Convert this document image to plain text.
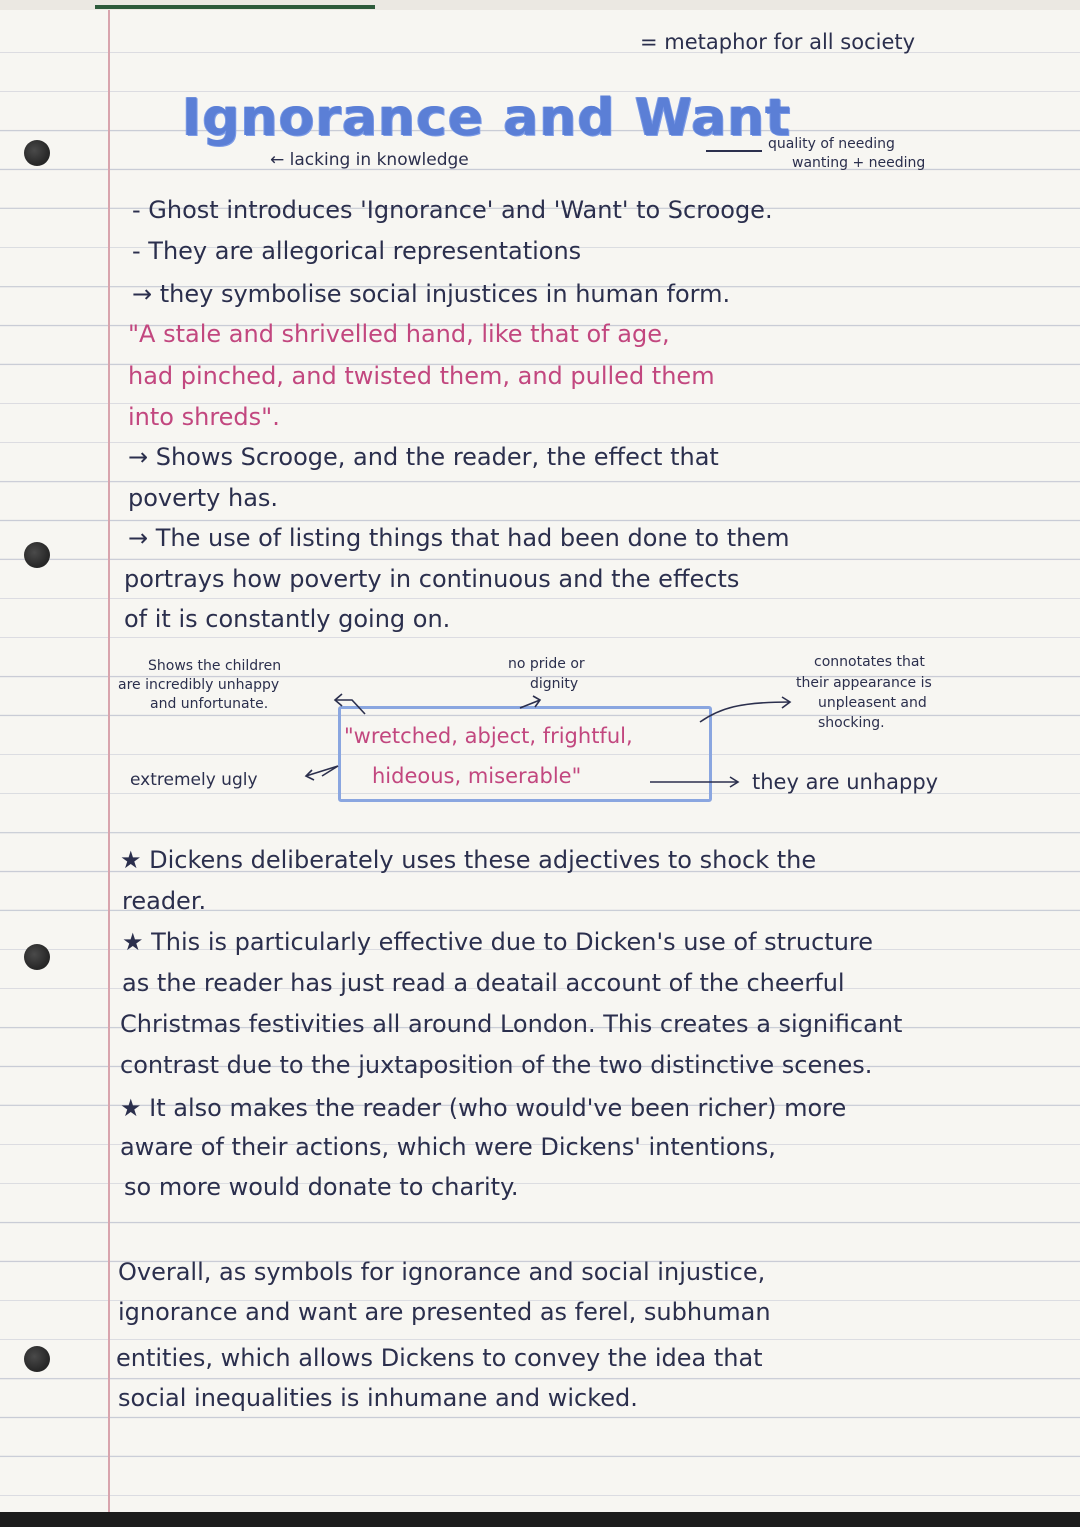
= metaphor for all society
Ignorance and Want
← lacking in knowledge
quality of needing
wanting + needing
- Ghost introduces 'Ignorance' and 'Want' to Scrooge.
- They are allegorical representations
→ they symbolise social injustices in human form.
"A stale and shrivelled hand, like that of age,
had pinched, and twisted them, and pulled them
into shreds".
→ Shows Scrooge, and the reader, the effect that
poverty has.
→ The use of listing things that had been done to them
portrays how poverty in continuous and the effects
of it is constantly going on.
Shows the children
are incredibly unhappy
and unfortunate.
no pride or
dignity
connotates that
their appearance is
unpleasent and
shocking.
"wretched, abject, frightful,
hideous, miserable"
extremely ugly	they are unhappy
★ Dickens deliberately uses these adjectives to shock the
reader.
★ This is particularly effective due to Dicken's use of structure
as the reader has just read a deatail account of the cheerful
Christmas festivities all around London. This creates a significant
contrast due to the juxtaposition of the two distinctive scenes.
★ It also makes the reader (who would've been richer) more
aware of their actions, which were Dickens' intentions,
so more would donate to charity.
Overall, as symbols for ignorance and social injustice,
ignorance and want are presented as ferel, subhuman
entities, which allows Dickens to convey the idea that
social inequalities is inhumane and wicked.
